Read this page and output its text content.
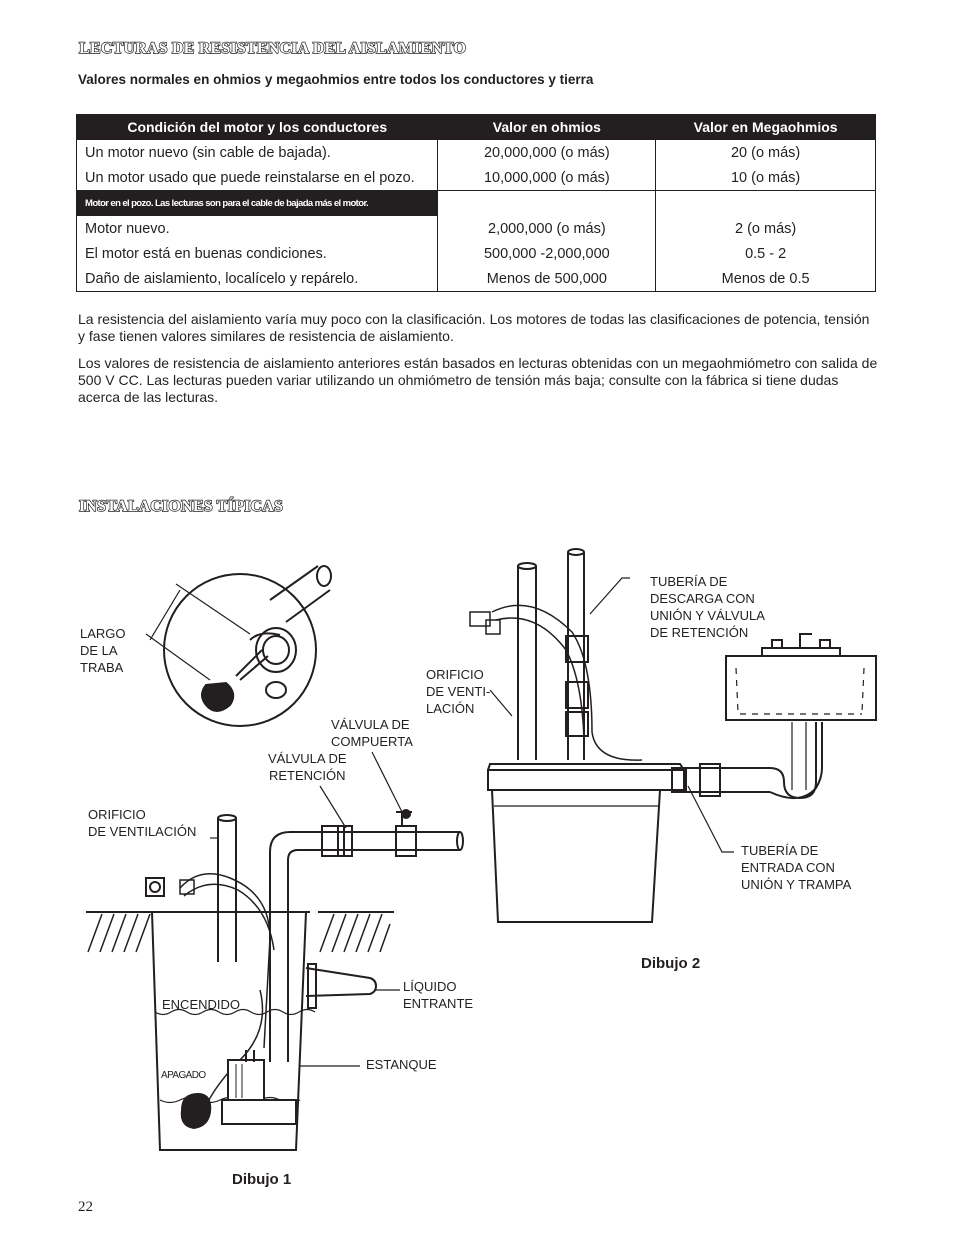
LECTURAS DE RESISTENCIA DEL AISLAMIENTO
Valores normales en ohmios y megaohmios entre todos los conductores y tierra
Condición del motor y los conductores	Valor en ohmios	Valor en Megaohmios
Un motor nuevo (sin cable de bajada).	20,000,000 (o más)	20 (o más)
Un motor usado que puede reinstalarse en el pozo.	10,000,000 (o más)	10 (o más)
Motor en el pozo. Las lecturas son para el cable de bajada más el motor.		
Motor nuevo.	2,000,000 (o más)	2 (o más)
El motor está en buenas condiciones.	500,000 -2,000,000	0.5 - 2
Daño de aislamiento, localícelo y repárelo.	Menos de 500,000	Menos de 0.5
La resistencia del aislamiento varía muy poco con la clasificación. Los motores de todas las clasificaciones de potencia, tensión y fase tienen valores similares de resistencia de aislamiento.
Los valores de resistencia de aislamiento anteriores están basados en lecturas obtenidas con un megaohmiómetro con salida de 500 V CC. Las lecturas pueden variar utilizando un ohmiómetro de tensión más baja; consulte con la fábrica si tiene dudas acerca de las lecturas.
INSTALACIONES TÍPICAS
LARGO
DE LA
TRABA
VÁLVULA DE
COMPUERTA
VÁLVULA DE
RETENCIÓN
ORIFICIO
DE VENTILACIÓN
LÍQUIDO
ENTRANTE
ENCENDIDO
ESTANQUE
APAGADO
Dibujo 1
TUBERÍA DE
DESCARGA CON
UNIÓN Y VÁLVULA
DE RETENCIÓN
ORIFICIO
DE VENTI-
LACIÓN
TUBERÍA DE
ENTRADA CON
UNIÓN Y TRAMPA
Dibujo 2
22
